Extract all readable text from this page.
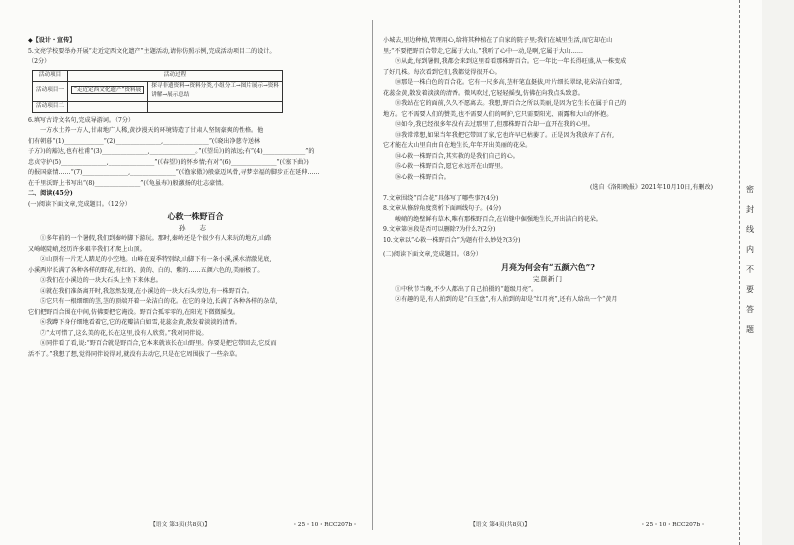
◆【设计・宣传】
5.文亮学校要举办开展“走近定西文化遗产”主题活动,请你仿照示例,完成活动项目二的设计。
（2分）
活动项目	活动过程	
活动项目一	“走近定西文化遗产”资料展	探寻非遗资料→资料分类,小组分工→图片展示→资料
讲解→展示总结

活动项目二		
6.填写古诗文名句,完成导游词。（7分）
一方水土养一方人,甘肃地广人稀,黄沙漫天的环境铸造了甘肃人坚韧豪爽的性格。他
们有朝暮“(1)_____________”(2)_______________,_______________”(《晓出净慈寺送林
子方》)的豁达,也有杜甫“(3)_______________,_______________。”(《望岳》)的浓远;有“(4)______________”的
忠贞守护(5)_______________,_______________”(《春望》)的怀乡情;有对“(6)_______________”(《塞下曲》)
的报国豪情……“(7)_______________,_______________”(《渔家傲》)般豪迈风骨,寻梦幸福的脚步正在延伸……
在千里沃野上书写出“(8)_______________”(《龟虽寿》)般激扬的壮志豪情。
二、阅读(45分)
(一)阅读下面文章,完成题目。（12分）
心救一株野百合
孙 志
①多年前的一个暑假,我们到秦岭脚下游玩。那时,秦岭还是个很少有人来玩的地方,山路
又崎岖陡峭,经历许多艰辛我们才爬上山顶。
②山顶有一片无人踏足的小空地。山峰在夏季特别绿,山脚下有一条小溪,溪水清澈见底,
小溪两岸长满了各种各样的野花,有红的、黄的、白的、紫的……五颜六色的,美丽极了。
③我们在小溪边的一块大石头上坐下来休息。
④就在我们准备离开时,我忽然发现,在小溪边的一块大石头旁边,有一株野百合。
⑤它只有一根细细的茎,茎的顶端开着一朵洁白的花。在它的身边,长满了各种各样的杂草,
它们把野百合围在中间,仿佛要把它淹没。野百合孤零零的,在阳光下微微摇曳。
⑥我蹲下身仔细地看着它,它的花瓣洁白如雪,花蕊金黄,散发着淡淡的清香。
⑦“太可惜了,这么美的花,长在这里,没有人欣赏。”我对同伴说。
⑧同伴看了看,说:“野百合就是野百合,它本来就该长在山野里。你要是把它带回去,它反而
活不了。”我想了想,觉得同伴说得对,就没有去动它,只是在它周围拔了一些杂草。
小城去,里边种植,管理用心,给将其种植在了自家的院子里;我们在城里生活,而它却在山
里;“不要把野百合带走,它属于大山。”我听了心中一动,是啊,它属于大山……
⑨从此,每到暑假,我都会来到这里看看那株野百合。它一年比一年长得旺盛,从一株变成
了好几株。每次看到它们,我都觉得很开心。
⑩那是一株白色的百合花。它有一尺多高,茎秆笔直挺拔,叶片细长翠绿,花朵洁白如雪,
花蕊金黄,散发着淡淡的清香。微风吹过,它轻轻摇曳,仿佛在向我点头致意。
⑪我站在它的面前,久久不愿离去。我想,野百合之所以美丽,是因为它生长在属于自己的
地方。它不需要人们的赞美,也不需要人们的呵护,它只需要阳光、雨露和大山的怀抱。
⑫如今,我已经很多年没有去过那里了,但那株野百合却一直开在我的心里。
⑬我常常想,如果当年我把它带回了家,它也许早已枯萎了。正是因为我放弃了占有,
它才能在大山里自由自在地生长,年年开出美丽的花朵。
⑭心救一株野百合,其实救的是我们自己的心。
⑮心救一株野百合,愿它永远开在山野里。
⑯心救一株野百合。
(选自《洛阳晚报》2021年10月10日,有删改)
7.文章围绕“百合花”具体写了哪些事?(4分)
8.文章从修辞角度赏析下面画线句子。(4分)
峻峭的绝壁鲜有草木,唯有那株野百合,在岩缝中倔强地生长,开出洁白的花朵。
9.文章第⑩段是否可以删除?为什么?(2分)
10.文章以“心救一株野百合”为题有什么妙处?(3分)
(二)阅读下面文章,完成题目。（8分）
月亮为何会有“五颜六色”?
完颜新门
①中秋节当晚,不少人都出了自己拍摄的“超级月亮”。
②有趣的是,有人拍到的是“白玉盘”,有人拍到的却是“红月亮”,还有人给出一个“黄月
【语文 第3页(共8页)】	・25・10・RCC207b・	【语文 第4页(共8页)】	・25・10・RCC207b・
密
封
线
内
不
要
答
题
